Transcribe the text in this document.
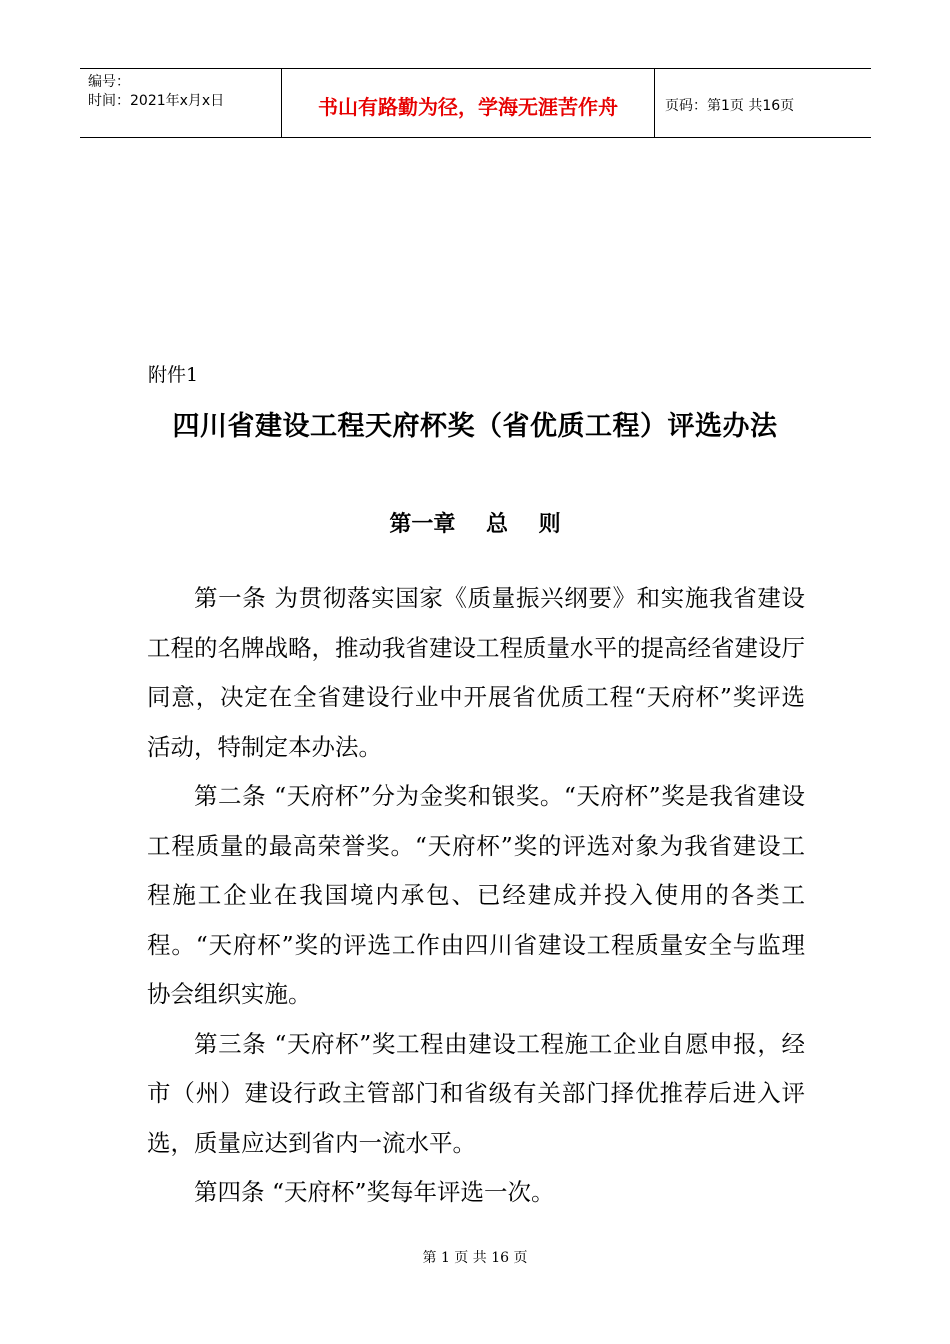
编号：
时间：2021年x月x日	书山有路勤为径，学海无涯苦作舟	页码：第1页 共16页
附件1
四川省建设工程天府杯奖（省优质工程）评选办法
第一章    总    则

第一条 为贯彻落实国家《质量振兴纲要》和实施我省建设工程的名牌战略，推动我省建设工程质量水平的提高经省建设厅同意，决定在全省建设行业中开展省优质工程“天府杯”奖评选活动，特制定本办法。

第二条 “天府杯”分为金奖和银奖。“天府杯”奖是我省建设工程质量的最高荣誉奖。“天府杯”奖的评选对象为我省建设工程施工企业在我国境内承包、已经建成并投入使用的各类工程。“天府杯”奖的评选工作由四川省建设工程质量安全与监理协会组织实施。

第三条 “天府杯”奖工程由建设工程施工企业自愿申报，经市（州）建设行政主管部门和省级有关部门择优推荐后进入评选，质量应达到省内一流水平。

第四条 “天府杯”奖每年评选一次。

第 1 页 共 16 页
